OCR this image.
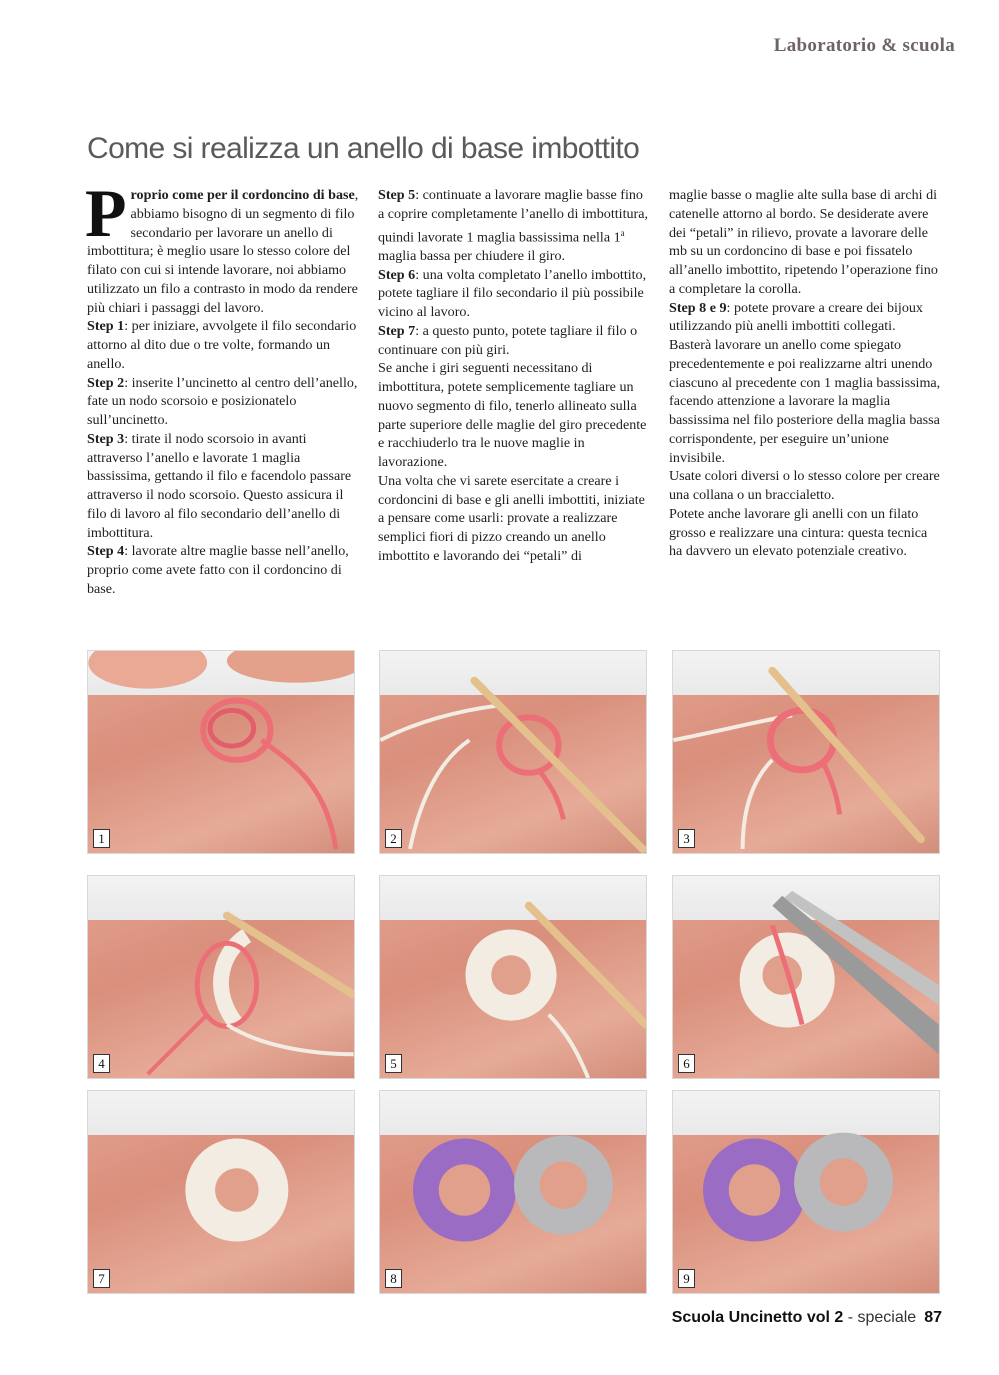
Laboratorio & scuola
Come si realizza un anello di base imbottito

Proprio come per il cordoncino di base, abbiamo bisogno di un segmento di filo secondario per lavorare un anello di imbottitura; è meglio usare lo stesso colore del filato con cui si intende lavorare, noi abbiamo utilizzato un filo a contrasto in modo da rendere più chiari i passaggi del lavoro.

Step 1: per iniziare, avvolgete il filo secondario attorno al dito due o tre volte, formando un anello.

Step 2: inserite l’uncinetto al centro dell’anello, fate un nodo scorsoio e posizionatelo sull’uncinetto.

Step 3: tirate il nodo scorsoio in avanti attraverso l’anello e lavorate 1 maglia bassissima, gettando il filo e facendolo passare attraverso il nodo scorsoio. Questo assicura il filo di lavoro al filo secondario dell’anello di imbottitura.

Step 4: lavorate altre maglie basse nell’anello, proprio come avete fatto con il cordoncino di base.

Step 5: continuate a lavorare maglie basse fino a coprire completamente l’anello di imbottitura, quindi lavorate 1 maglia bassissima nella 1$^a$ maglia bassa per chiudere il giro.

Step 6: una volta completato l’anello imbottito, potete tagliare il filo secondario il più possibile vicino al lavoro.

Step 7: a questo punto, potete tagliare il filo o continuare con più giri.

Se anche i giri seguenti necessitano di imbottitura, potete semplicemente tagliare un nuovo segmento di filo, tenerlo allineato sulla parte superiore delle maglie del giro precedente e racchiuderlo tra le nuove maglie in lavorazione.

Una volta che vi sarete esercitate a creare i cordoncini di base e gli anelli imbottiti, iniziate a pensare come usarli: provate a realizzare semplici fiori di pizzo creando un anello imbottito e lavorando dei “petali” di

maglie basse o maglie alte sulla base di archi di catenelle attorno al bordo. Se desiderate avere dei “petali” in rilievo, provate a lavorare delle mb su un cordoncino di base e poi fissatelo all’anello imbottito, ripetendo l’operazione fino a completare la corolla.

Step 8 e 9: potete provare a creare dei bijoux utilizzando più anelli imbottiti collegati.

Basterà lavorare un anello come spiegato precedentemente e poi realizzarne altri unendo ciascuno al precedente con 1 maglia bassissima, facendo attenzione a lavorare la maglia bassissima nel filo posteriore della maglia bassa corrispondente, per eseguire un’unione invisibile.

Usate colori diversi o lo stesso colore per creare una collana o un braccialetto.

Potete anche lavorare gli anelli con un filato grosso e realizzare una cintura: questa tecnica ha davvero un elevato potenziale creativo.

1	2	3
4	5	6
7	8	9
Scuola Uncinetto vol 2 - speciale 87
